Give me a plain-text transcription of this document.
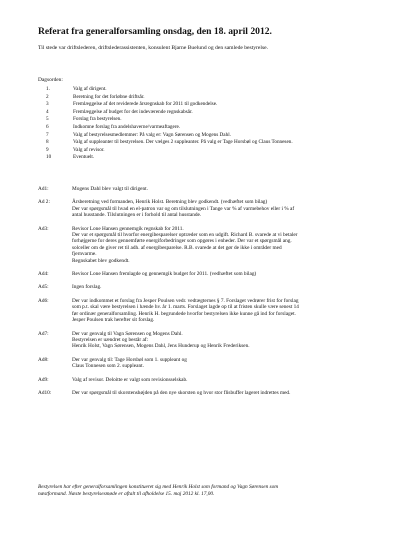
Referat fra generalforsamling onsdag, den 18. april 2012.
Til stede var driftslederen, driftslederassistenten, konsulent Bjarne Buelund og den samlede bestyrelse.
Dagsorden:
1.	Valg af dirigent.
2	Beretning for det forløbne driftsår.
3	Fremlæggelse af det reviderede årsregnskab for 2011 til godkendelse.
4	Fremlæggelse af budget for det indeværende regnskabsår.
5	Forslag fra bestyrelsen.
6	Indkomne forslag fra andelshaverne/varmeaftagere.
7	Valg af bestyrelsesmedlemmer: På valg er: Vagn Sørensen og Mogens Dahl.
8	Valg af suppleanter til bestyrelsen. Der vælges 2 suppleanter. På valg er Tage Horsbøl og Claus Tonnesen.
9	Valg af revisor.
10	Eventuelt.
Ad1:	Mogens Dahl blev valgt til dirigent.
Ad 2:	Årsberetning ved formanden, Henrik Holst. Beretning blev godkendt. (vedhæftet som bilag)
Der var spørgsmål til hvad en el-patron var og om tilslutningen i Tange var % af varmebehov eller i % af
antal husstande. Tilslutningen er i forhold til antal husstande.
Ad3:	Revisor Lone Hansen gennemgik regnskab for 2011.
Der var et spørgsmål til hvorfor energibesparelser optræder som en udgift. Richard B. svarede at vi betaler
forhøjgerne for deres gennemførte energiforbedringer som opgøres i enheder. Der var et spørgsmål ang.
solceller om de giver ret til adh. af energibesparelse. R.B. svarede at det gør de ikke i områder med
fjernvarme.
Regnskabet blev godkendt.
Ad4:	Revisor Lone Hansen fremlagde og gennemgik budget for 2011. (vedhæftet som bilag)
Ad5:	Ingen forslag.
Ad6:	Der var indkommet et forslag fra Jesper Poulsen vedr. vedtægternes § 7. Forslaget vedrører frist for forslag
som p.t. skal være bestyrelsen i hænde hv. år 1. marts. Forslaget lagde op til at fristen skulle være senest 14
før ordinær generalforsamling. Henrik H. begrundede hvorfor bestyrelsen ikke kunne gå ind for forslaget.
Jesper Poulsen trak herefter sit forslag.
Ad7:	Der var genvalg til Vagn Sørensen og Mogens Dahl.
Bestyrelsen er uændret og består af:
Henrik Holst, Vagn Sørensen, Mogens Dahl, Jens Hunderup og Henrik Frederiksen.
Ad8:	Der var genvalg til: Tage Horsbøl som 1. suppleant og
Claus Tonnesen som 2. suppleant.
Ad9:	Valg af revisor. Deloitte er valgt som revisionsselskab.
Ad10:	Der var spørgsmål til skorstenshøjden på den nye skorsten og hvor stor flisbuffer lageret indrettes med.
Bestyrelsen har efter generalforsamlingen konstitueret sig med Henrik Holst som formand og Vagn Sørensen som
næstformand. Næste bestyrelsesmøde er aftalt til afholdelse 15. maj 2012 kl. 17,00.
